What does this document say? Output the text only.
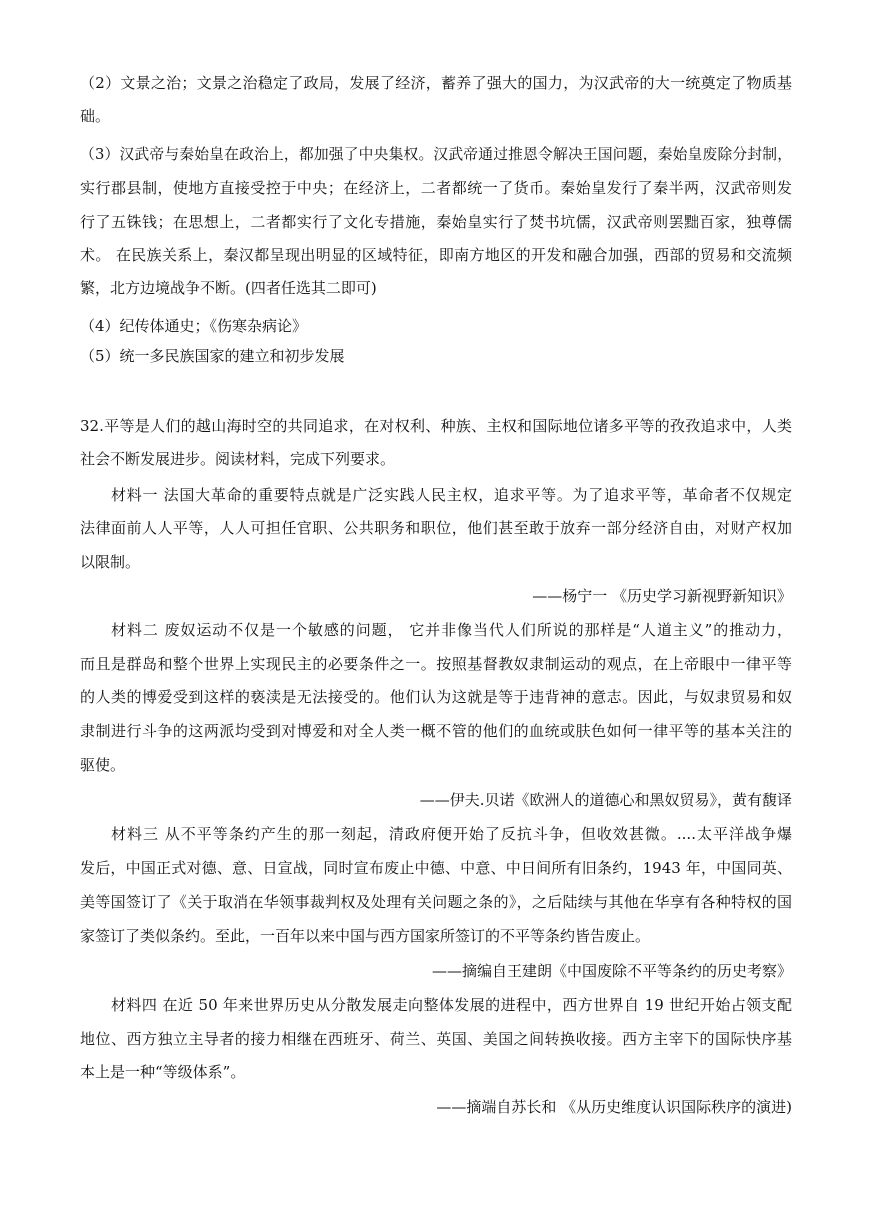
（2）文景之治；文景之治稳定了政局，发展了经济，蓄养了强大的国力，为汉武帝的大一统奠定了物质基
础。
（3）汉武帝与秦始皇在政治上，都加强了中央集权。汉武帝通过推恩令解决王国问题，秦始皇废除分封制，
实行郡县制，使地方直接受控于中央；在经济上，二者都统一了货币。秦始皇发行了秦半两，汉武帝则发
行了五铢钱；在思想上，二者都实行了文化专措施，秦始皇实行了焚书坑儒，汉武帝则罢黜百家，独尊儒
术。 在民族关系上，秦汉都呈现出明显的区域特征，即南方地区的开发和融合加强，西部的贸易和交流频
繁，北方边境战争不断。(四者任选其二即可)
（4）纪传体通史；《伤寒杂病论》
（5）统一多民族国家的建立和初步发展
32.平等是人们的越山海时空的共同追求，在对权利、种族、主权和国际地位诸多平等的孜孜追求中，人类
社会不断发展进步。阅读材料，完成下列要求。
材料一 法国大革命的重要特点就是广泛实践人民主权，追求平等。为了追求平等，革命者不仅规定
法律面前人人平等，人人可担任官职、公共职务和职位，他们甚至敢于放弃一部分经济自由，对财产权加
以限制。
——杨宁一 《历史学习新视野新知识》
材料二 废奴运动不仅是一个敏感的问题， 它并非像当代人们所说的那样是“人道主义”的推动力，
而且是群岛和整个世界上实现民主的必要条件之一。按照基督教奴隶制运动的观点，在上帝眼中一律平等
的人类的博爱受到这样的亵渎是无法接受的。他们认为这就是等于违背神的意志。因此，与奴隶贸易和奴
隶制进行斗争的这两派均受到对博爱和对全人类一概不管的他们的血统或肤色如何一律平等的基本关注的
驱使。
——伊夫.贝诺《欧洲人的道德心和黑奴贸易》，黄有馥译
材料三 从不平等条约产生的那一刻起，清政府便开始了反抗斗争，但收效甚微。....太平洋战争爆
发后，中国正式对德、意、日宣战，同时宣布废止中德、中意、中日间所有旧条约，1943 年，中国同英、
美等国签订了《关于取消在华领事裁判权及处理有关问题之条的》，之后陆续与其他在华享有各种特权的国
家签订了类似条约。至此，一百年以来中国与西方国家所签订的不平等条约皆告废止。
——摘编自王建朗《中国废除不平等条约的历史考察》
材料四 在近 50 年来世界历史从分散发展走向整体发展的进程中，西方世界自 19 世纪开始占领支配
地位、西方独立主导者的接力相继在西班牙、荷兰、英国、美国之间转换收接。西方主宰下的国际快序基
本上是一种“等级体系”。
——摘端自苏长和 《从历史维度认识国际秩序的演进)
